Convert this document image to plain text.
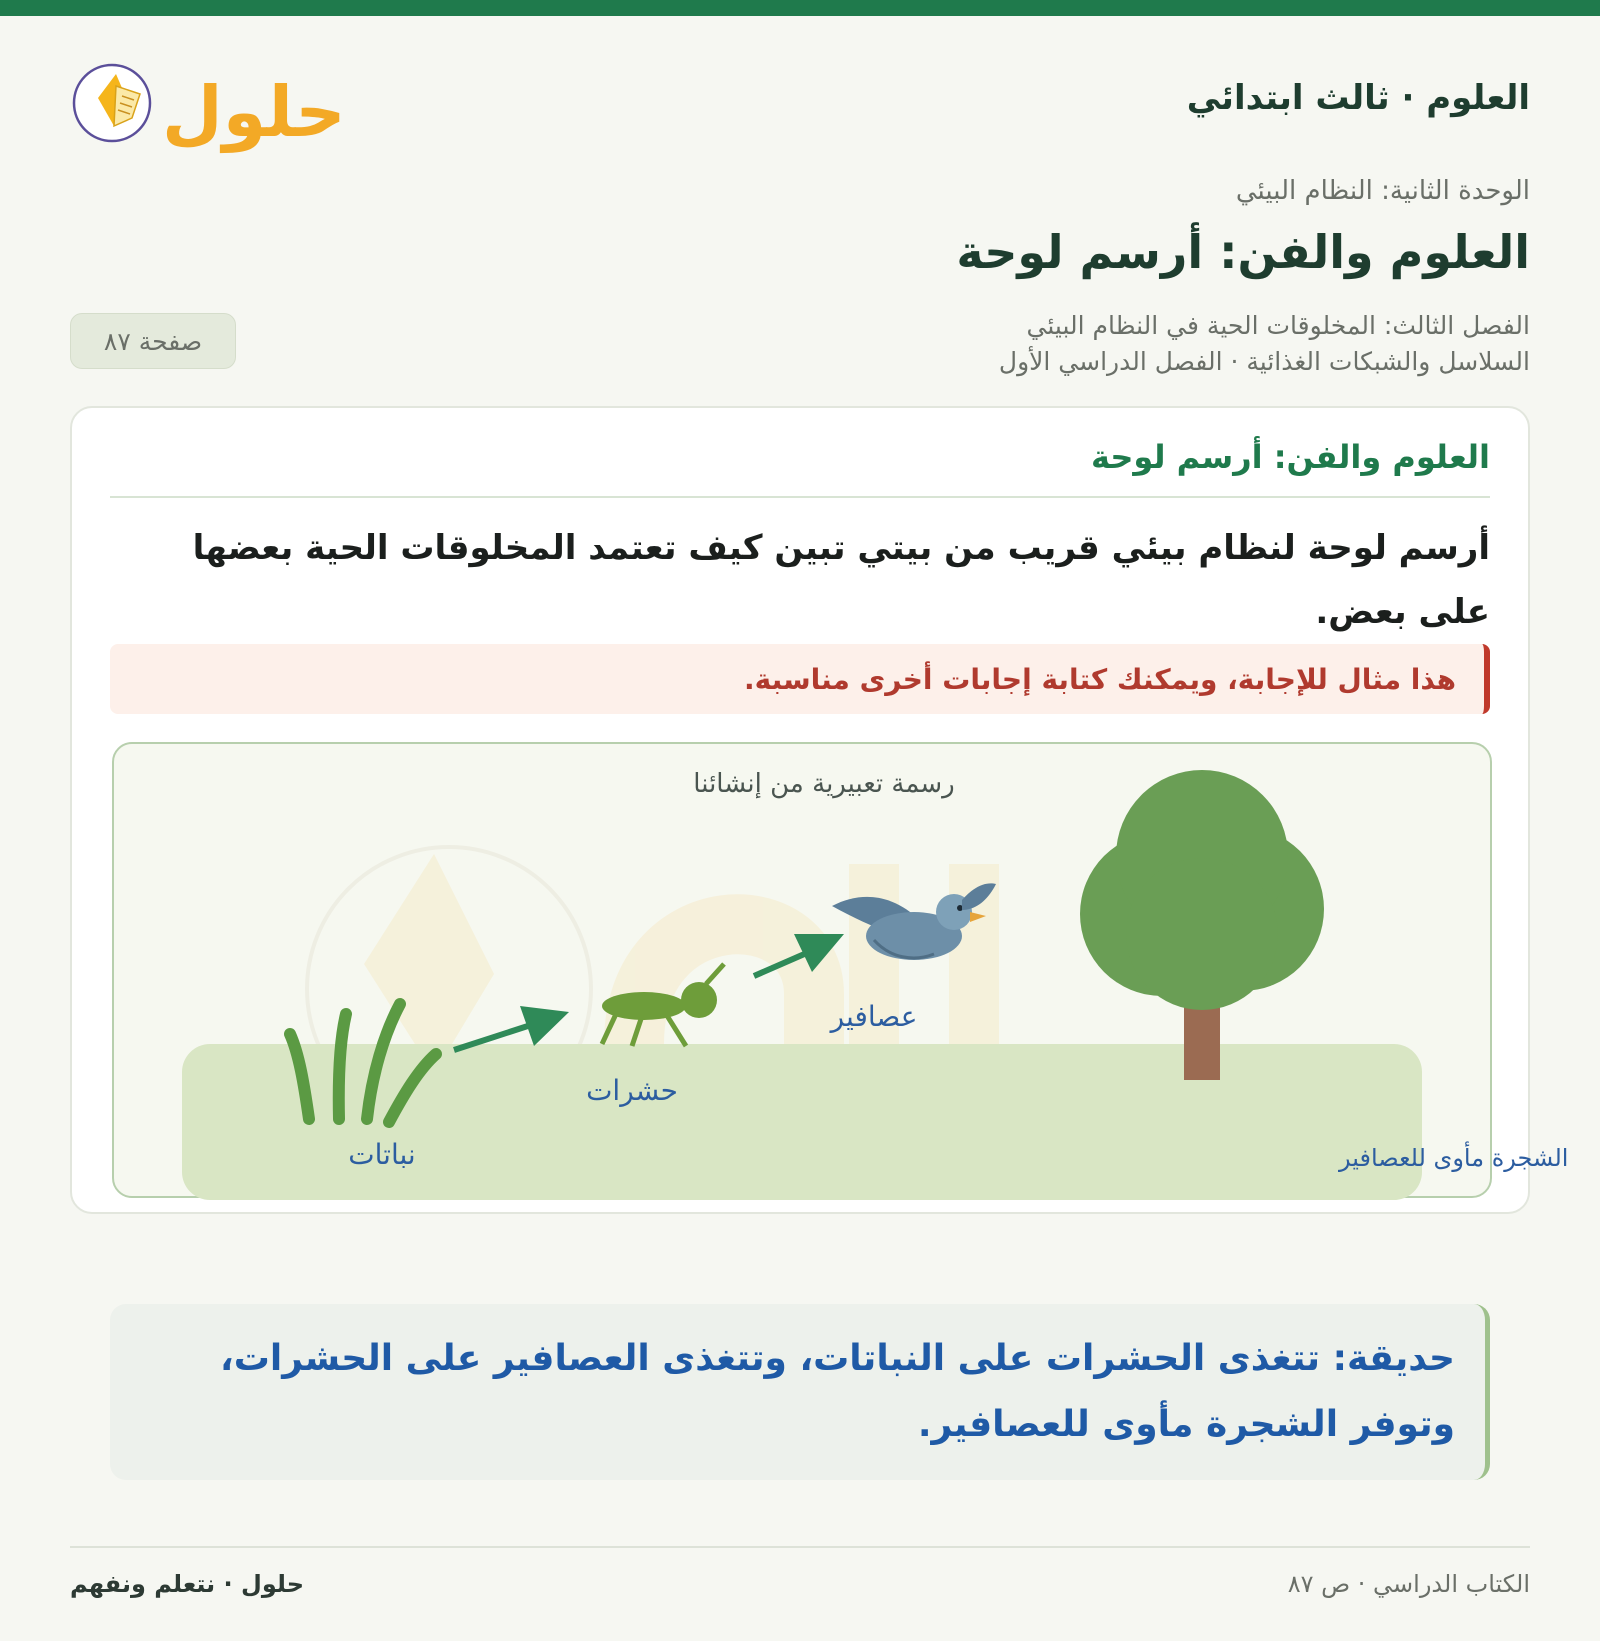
العلوم · ثالث ابتدائي
حلول
الوحدة الثانية: النظام البيئي
العلوم والفن: أرسم لوحة
الفصل الثالث: المخلوقات الحية في النظام البيئي
السلاسل والشبكات الغذائية · الفصل الدراسي الأول
صفحة ٨٧
العلوم والفن: أرسم لوحة
أرسم لوحة لنظام بيئي قريب من بيتي تبين كيف تعتمد المخلوقات الحية بعضها على بعض.
هذا مثال للإجابة، ويمكنك كتابة إجابات أخرى مناسبة.
رسمة تعبيرية من إنشائنا
نباتات
حشرات
عصافير
الشجرة مأوى للعصافير
حديقة: تتغذى الحشرات على النباتات، وتتغذى العصافير على الحشرات، وتوفر الشجرة مأوى للعصافير.
الكتاب الدراسي · ص ٨٧
حلول · نتعلم ونفهم
